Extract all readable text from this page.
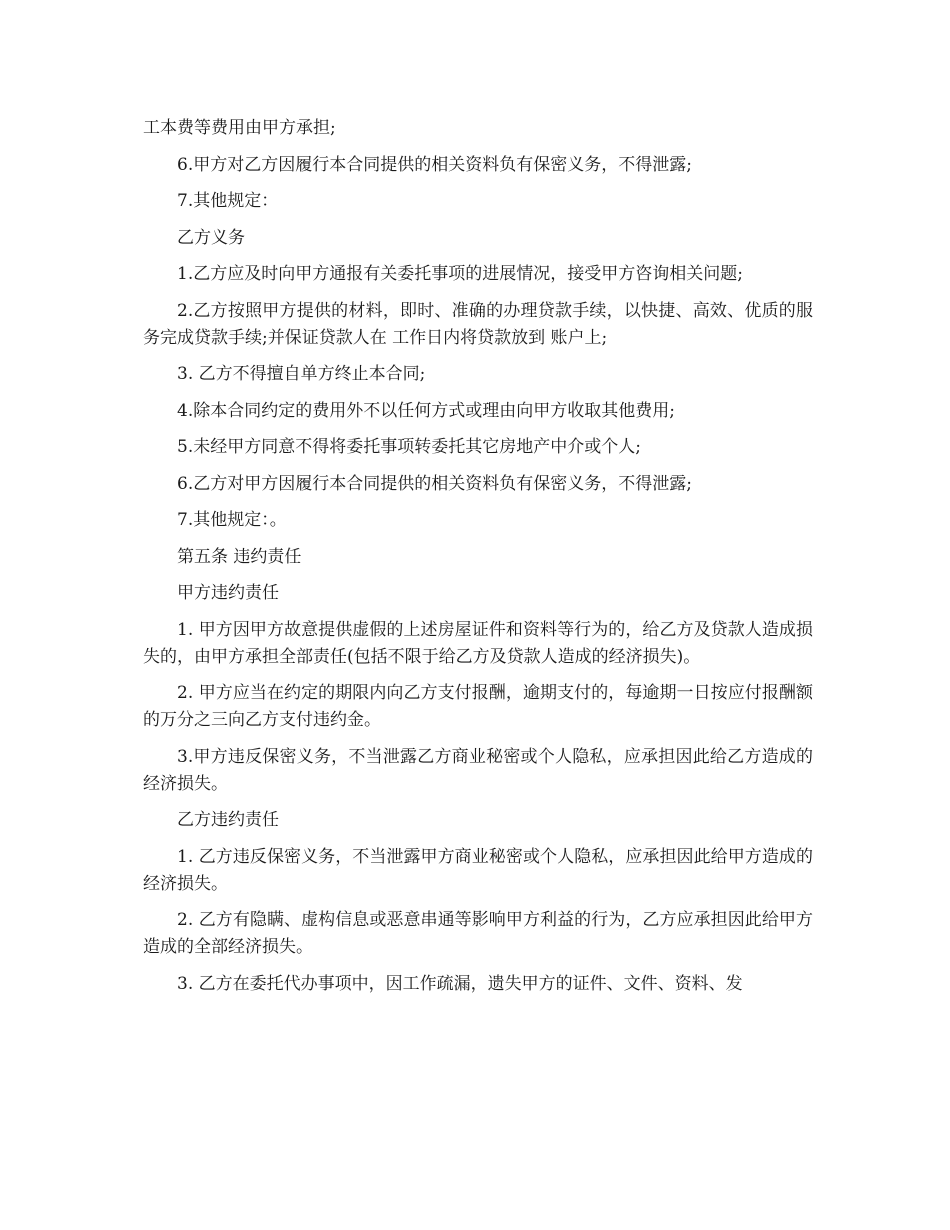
工本费等费用由甲方承担;

6.甲方对乙方因履行本合同提供的相关资料负有保密义务，不得泄露;

7.其他规定：

乙方义务

1.乙方应及时向甲方通报有关委托事项的进展情况，接受甲方咨询相关问题;

2.乙方按照甲方提供的材料，即时、准确的办理贷款手续，以快捷、高效、优质的服务完成贷款手续;并保证贷款人在 工作日内将贷款放到 账户上;

3. 乙方不得擅自单方终止本合同;

4.除本合同约定的费用外不以任何方式或理由向甲方收取其他费用;

5.未经甲方同意不得将委托事项转委托其它房地产中介或个人;

6.乙方对甲方因履行本合同提供的相关资料负有保密义务，不得泄露;

7.其他规定：。

第五条 违约责任

甲方违约责任

1. 甲方因甲方故意提供虚假的上述房屋证件和资料等行为的，给乙方及贷款人造成损失的，由甲方承担全部责任(包括不限于给乙方及贷款人造成的经济损失)。

2. 甲方应当在约定的期限内向乙方支付报酬，逾期支付的，每逾期一日按应付报酬额的万分之三向乙方支付违约金。

3.甲方违反保密义务，不当泄露乙方商业秘密或个人隐私，应承担因此给乙方造成的经济损失。

乙方违约责任

1. 乙方违反保密义务，不当泄露甲方商业秘密或个人隐私，应承担因此给甲方造成的经济损失。

2. 乙方有隐瞒、虚构信息或恶意串通等影响甲方利益的行为，乙方应承担因此给甲方造成的全部经济损失。

3. 乙方在委托代办事项中，因工作疏漏，遗失甲方的证件、文件、资料、发
